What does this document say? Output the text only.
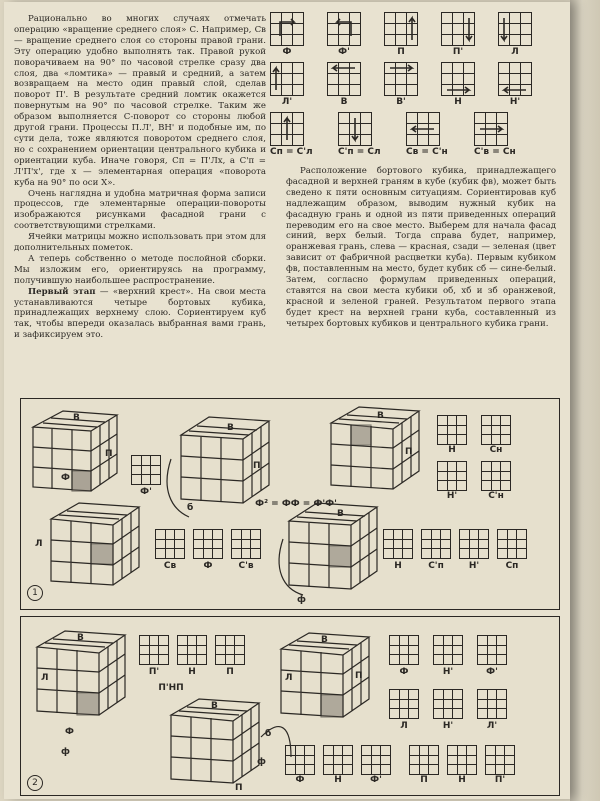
Рационально во многих случаях отмечать операцию «вращение среднего слоя» С. Например, Св — вращение среднего слоя со стороны правой грани. Эту операцию удобно выполнять так. Правой рукой поворачиваем на 90° по часовой стрелке сразу два слоя, два «ломтика» — правый и средний, а затем возвращаем на место один правый слой, сделав поворот П'. В результате средний ломтик окажется повернутым на 90° по часовой стрелке. Таким же образом выполняется С-поворот со стороны любой другой грани. Процессы П.Л', ВН' и подобные им, по сути дела, тоже являются поворотом среднего слоя, но с сохранением ориентации центрального кубика и ориентации куба. Иначе говоря, Сп = П'Лх, а С'п = Л'П'х', где х — элементарная операция «поворота куба на 90° по оси X».

Очень наглядна и удобна матричная форма записи процессов, где элементарные операции-повороты изображаются рисунками фасадной грани с соответствующими стрелками.

Ячейки матрицы можно использовать при этом для дополнительных пометок.

А теперь собственно о методе послойной сборки. Мы изложим его, ориентируясь на программу, получившую наибольшее распространение.

Первый этап — «верхний крест». На свои места устанавливаются четыре бортовых кубика, принадлежащих верхнему слою. Сориентируем куб так, чтобы впереди оказалась выбранная вами грань, и зафиксируем это.

Ф	Ф'	П	П'	Л
Л'	В	В'	Н	Н'
Сп = С'л	С'п = Сл	Св = С'н	С'в = Сн

Расположение бортового кубика, принадлежащего фасадной и верхней граням в кубе (кубик фв), может быть сведено к пяти основным ситуациям. Сориентировав куб надлежащим образом, выводим нужный кубик на фасадную грань и одной из пяти приведенных операций переводим его на свое место. Выберем для начала фасад синий, верх белый. Тогда справа будет, например, оранжевая грань, слева — красная, сзади — зеленая (цвет зависит от фабричной расцветки куба). Первым кубиком фв, поставленным на место, будет кубик сб — сине-белый. Затем, согласно формулам приведенных операций, ставятся на свои места кубики об, хб и зб оранжевой, красной и зеленой граней. Результатом первого этапа будет крест на верхней грани куба, составленный из четырех бортовых кубиков и центрального кубика грани.

В
П
Ф
В
П
В
П
В
Л
Ф'
Ф² = ФФ = Ф'Ф'
Н	Сн
Н'	С'н
Св	Ф	С'в	Н	С'п	Н'	Сп
б
ф
1
В
Л
Ф
В
П
В
Л	П
П'	Н	П
П'НП
Ф	Н'	Ф'
Л	Н'	Л'
Ф	Н	Ф'	П	Н	П'
ф
б
ф
2
